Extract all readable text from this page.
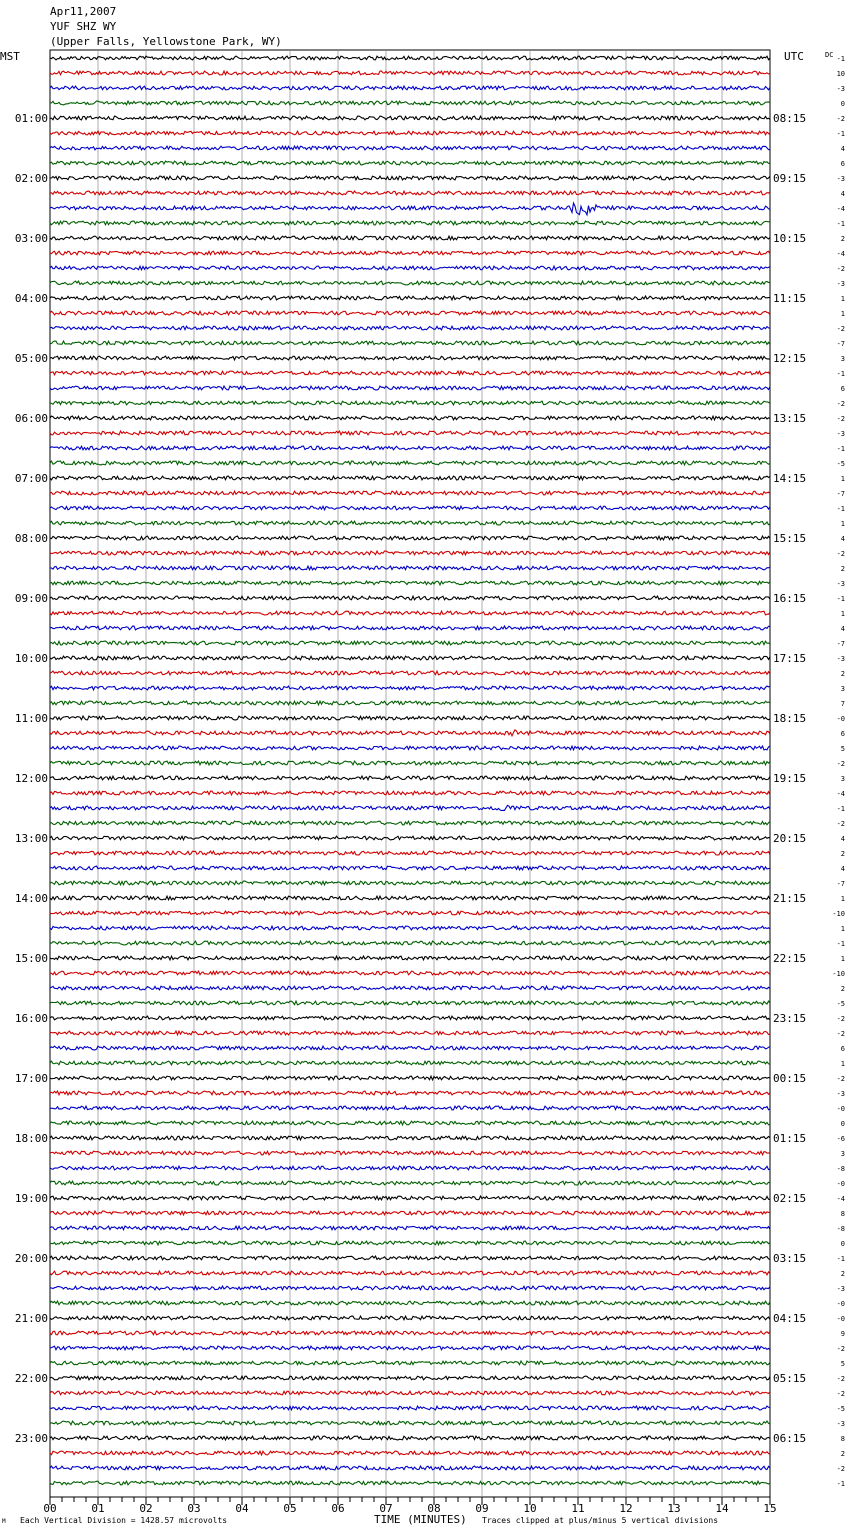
Apr11,2007
YUF SHZ WY
(Upper Falls, Yellowstone Park, WY)
MST	UTC	DC
TIME (MINUTES)
00	01	02	03	04	05	06	07	08	09	10	11	12	13	14	15
-1
10
-3
0
-2
-1
4
6
-3
4
-4
-1
2
-4
-2
-3
1
1
-2
-7
3
-1
6
-2
-2
-3
-1
-5
1
-7
-1
1
4
-2
2
-3
-1
1
4
-7
-3
2
3
7
-0
6
5
-2
3
-4
-1
-2
4
2
4
-7
1
-10
1
-1
1
-10
2
-5
-2
-2
6
1
-2
-3
-0
0
-6
3
-8
-0
-4
8
-8
0
-1
2
-3
-0
-0
9
-2
5
-2
-2
-5
-3
8
2
-2
-1
01:00
02:00
03:00
04:00
05:00
06:00
07:00
08:00
09:00
10:00
11:00
12:00
13:00
14:00
15:00
16:00
17:00
18:00
19:00
20:00
21:00
22:00
23:00
08:15
09:15
10:15
11:15
12:15
13:15
14:15
15:15
16:15
17:15
18:15
19:15
20:15
21:15
22:15
23:15
00:15
01:15
02:15
03:15
04:15
05:15
06:15
Each Vertical Division = 1428.57 microvolts	Traces clipped at plus/minus 5 vertical divisions
M
